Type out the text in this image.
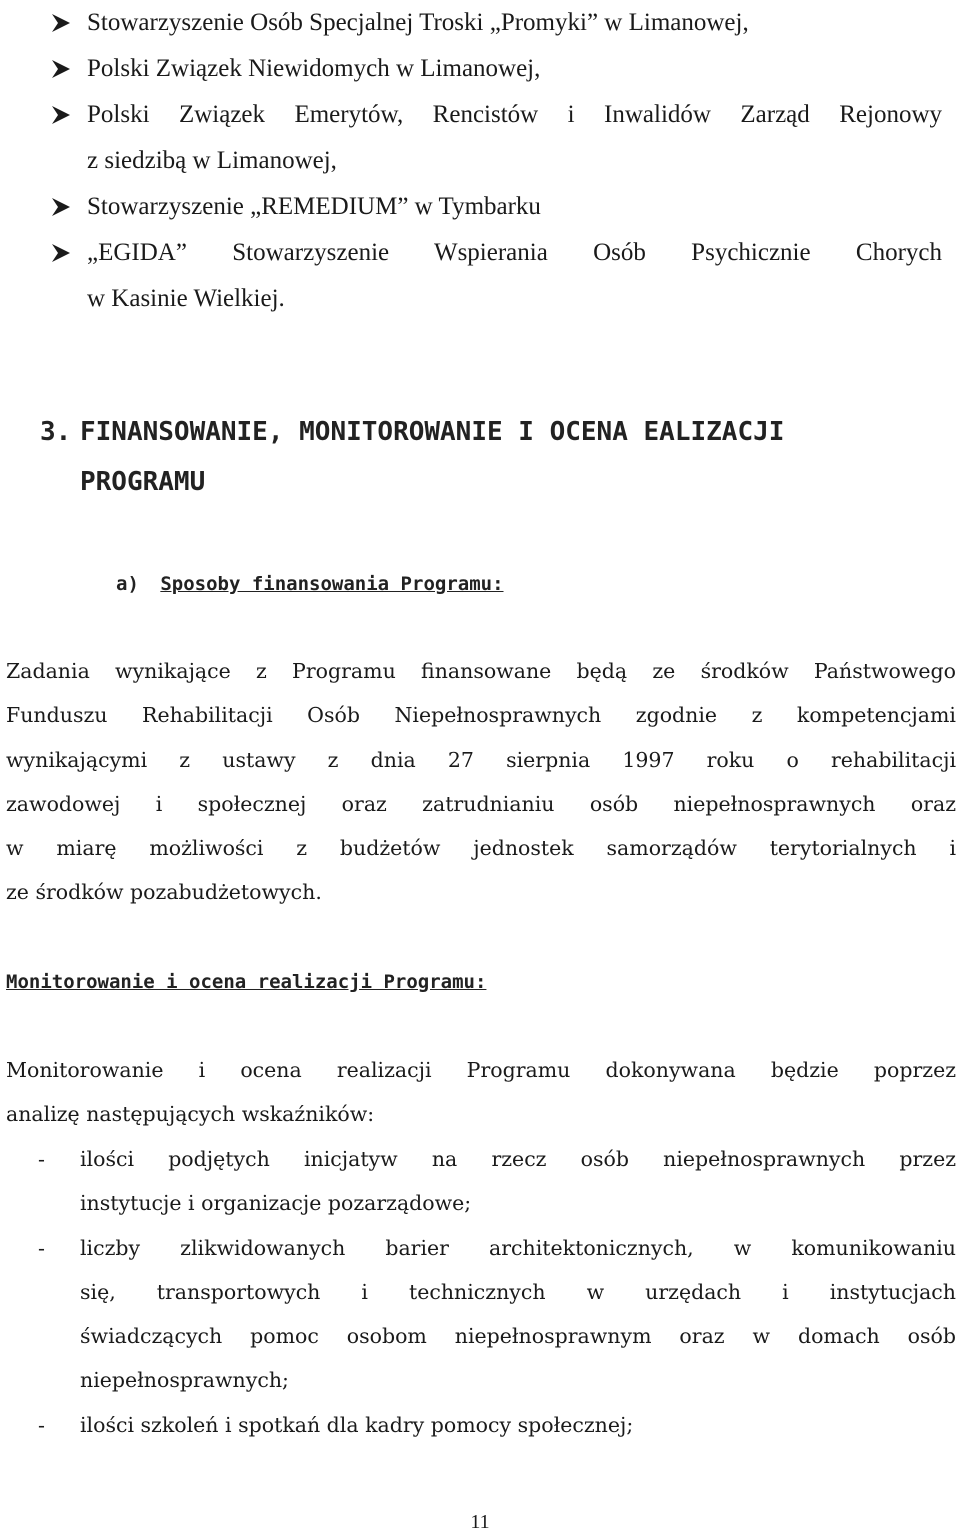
Stowarzyszenie Osób Specjalnej Troski „Promyki” w Limanowej,
Polski Związek Niewidomych w Limanowej,
Polski Związek Emerytów, Rencistów i Inwalidów Zarząd Rejonowy
z siedzibą w Limanowej,
Stowarzyszenie „REMEDIUM” w Tymbarku
„EGIDA” Stowarzyszenie Wspierania Osób Psychicznie Chorych
w Kasinie Wielkiej.
3. FINANSOWANIE, MONITOROWANIE I OCENA EALIZACJI
PROGRAMU
a) Sposoby finansowania Programu:
Zadania wynikające z Programu finansowane będą ze środków Państwowego
Funduszu Rehabilitacji Osób Niepełnosprawnych zgodnie z kompetencjami
wynikającymi z ustawy z dnia 27 sierpnia 1997 roku o rehabilitacji
zawodowej i społecznej oraz zatrudnianiu osób niepełnosprawnych oraz
w miarę możliwości z budżetów jednostek samorządów terytorialnych i
ze środków pozabudżetowych.
Monitorowanie i ocena realizacji Programu:
Monitorowanie i ocena realizacji Programu dokonywana będzie poprzez
analizę następujących wskaźników:
- ilości podjętych inicjatyw na rzecz osób niepełnosprawnych przez
instytucje i organizacje pozarządowe;
- liczby zlikwidowanych barier architektonicznych, w komunikowaniu
się, transportowych i technicznych w urzędach i instytucjach
świadczących pomoc osobom niepełnosprawnym oraz w domach osób
niepełnosprawnych;
- ilości szkoleń i spotkań dla kadry pomocy społecznej;
11
